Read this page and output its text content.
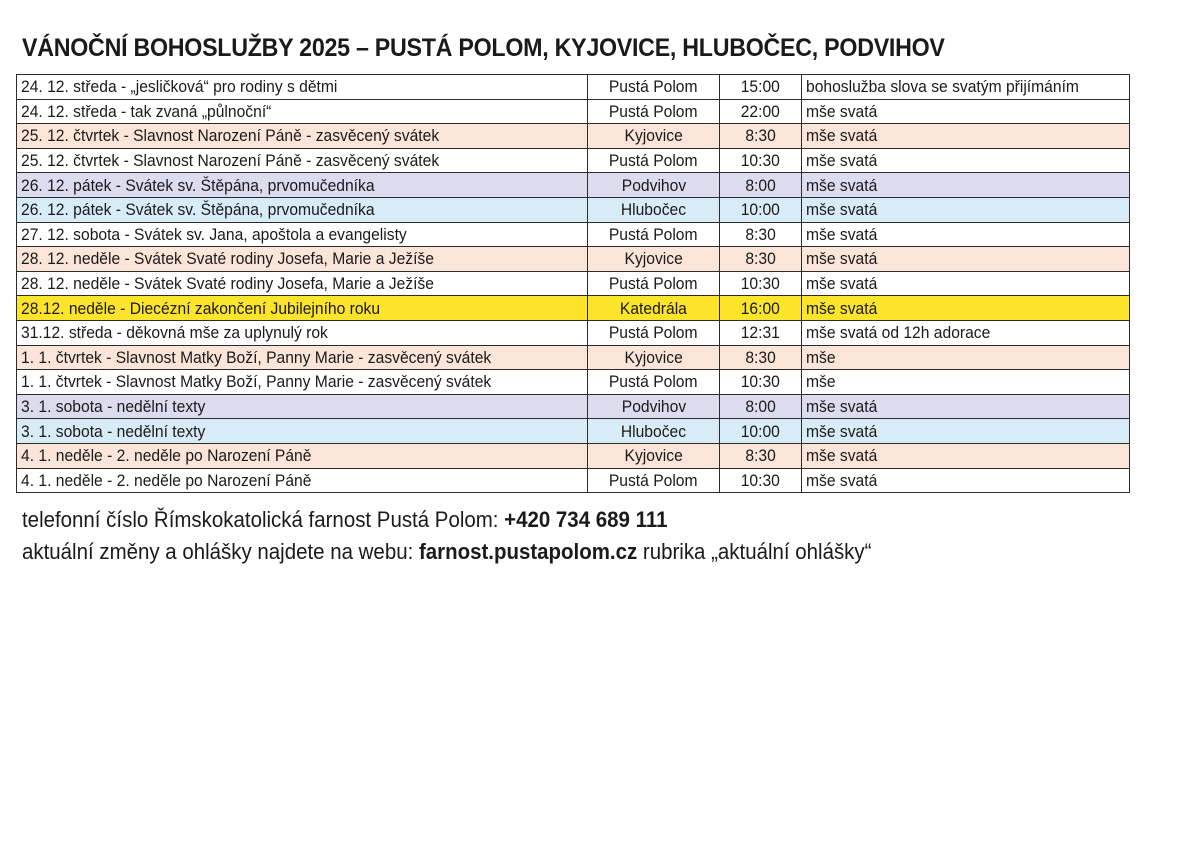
VÁNOČNÍ BOHOSLUŽBY 2025 – PUSTÁ POLOM, KYJOVICE, HLUBOČEC, PODVIHOV
24. 12. středa - „jesličková“ pro rodiny s dětmi	Pustá Polom	15:00	bohoslužba slova se svatým přijímáním
24. 12. středa - tak zvaná „půlnoční“	Pustá Polom	22:00	mše svatá
25. 12. čtvrtek - Slavnost Narození Páně - zasvěcený svátek	Kyjovice	8:30	mše svatá
25. 12. čtvrtek - Slavnost Narození Páně - zasvěcený svátek	Pustá Polom	10:30	mše svatá
26. 12. pátek - Svátek sv. Štěpána, prvomučedníka	Podvihov	8:00	mše svatá
26. 12. pátek - Svátek sv. Štěpána, prvomučedníka	Hlubočec	10:00	mše svatá
27. 12. sobota - Svátek sv. Jana, apoštola a evangelisty	Pustá Polom	8:30	mše svatá
28. 12. neděle - Svátek Svaté rodiny Josefa, Marie a Ježíše	Kyjovice	8:30	mše svatá
28. 12. neděle - Svátek Svaté rodiny Josefa, Marie a Ježíše	Pustá Polom	10:30	mše svatá
28.12. neděle - Diecézní zakončení Jubilejního roku	Katedrála	16:00	mše svatá
31.12. středa - děkovná mše za uplynulý rok	Pustá Polom	12:31	mše svatá od 12h adorace
1. 1. čtvrtek - Slavnost Matky Boží, Panny Marie - zasvěcený svátek	Kyjovice	8:30	mše
1. 1. čtvrtek - Slavnost Matky Boží, Panny Marie - zasvěcený svátek	Pustá Polom	10:30	mše
3. 1. sobota - nedělní texty	Podvihov	8:00	mše svatá
3. 1. sobota - nedělní texty	Hlubočec	10:00	mše svatá
4. 1. neděle - 2. neděle po Narození Páně	Kyjovice	8:30	mše svatá
4. 1. neděle - 2. neděle po Narození Páně	Pustá Polom	10:30	mše svatá
telefonní číslo Římskokatolická farnost Pustá Polom: +420 734 689 111
aktuální změny a ohlášky najdete na webu: farnost.pustapolom.cz rubrika „aktuální ohlášky“
